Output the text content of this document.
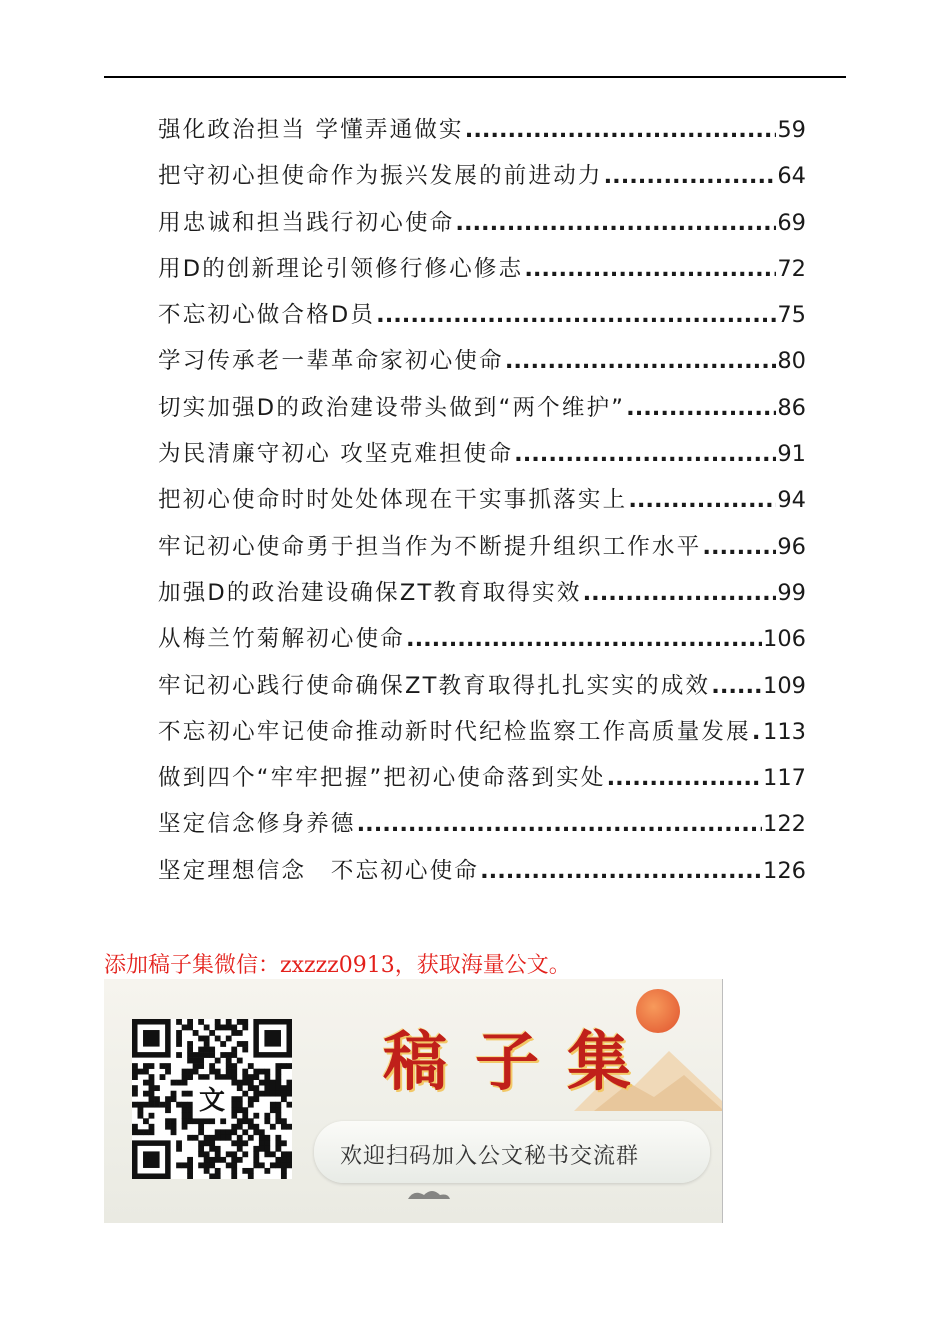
强化政治担当 学懂弄通做实 .....	59
把守初心担使命作为振兴发展的前进动力 .....	64
用忠诚和担当践行初心使命 .....	69
用D的创新理论引领修行修心修志 .....	72
不忘初心做合格D员 .....	75
学习传承老一辈革命家初心使命 .....	80
切实加强D的政治建设带头做到“两个维护” .....	86
为民清廉守初心 攻坚克难担使命 .....	91
把初心使命时时处处体现在干实事抓落实上 .....	94
牢记初心使命勇于担当作为不断提升组织工作水平 .....	96
加强D的政治建设确保ZT教育取得实效 .....	99
从梅兰竹菊解初心使命 .....	106
牢记初心践行使命确保ZT教育取得扎扎实实的成效 ..... 109
不忘初心牢记使命推动新时代纪检监察工作高质量发展 ..... 113
做到四个“牢牢把握”把初心使命落到实处 .....	117
坚定信念修身养德 .....	122
坚定理想信念　不忘初心使命 .....	126
添加稿子集微信：zxzzz0913，获取海量公文。
文
稿子集
欢迎扫码加入公文秘书交流群
